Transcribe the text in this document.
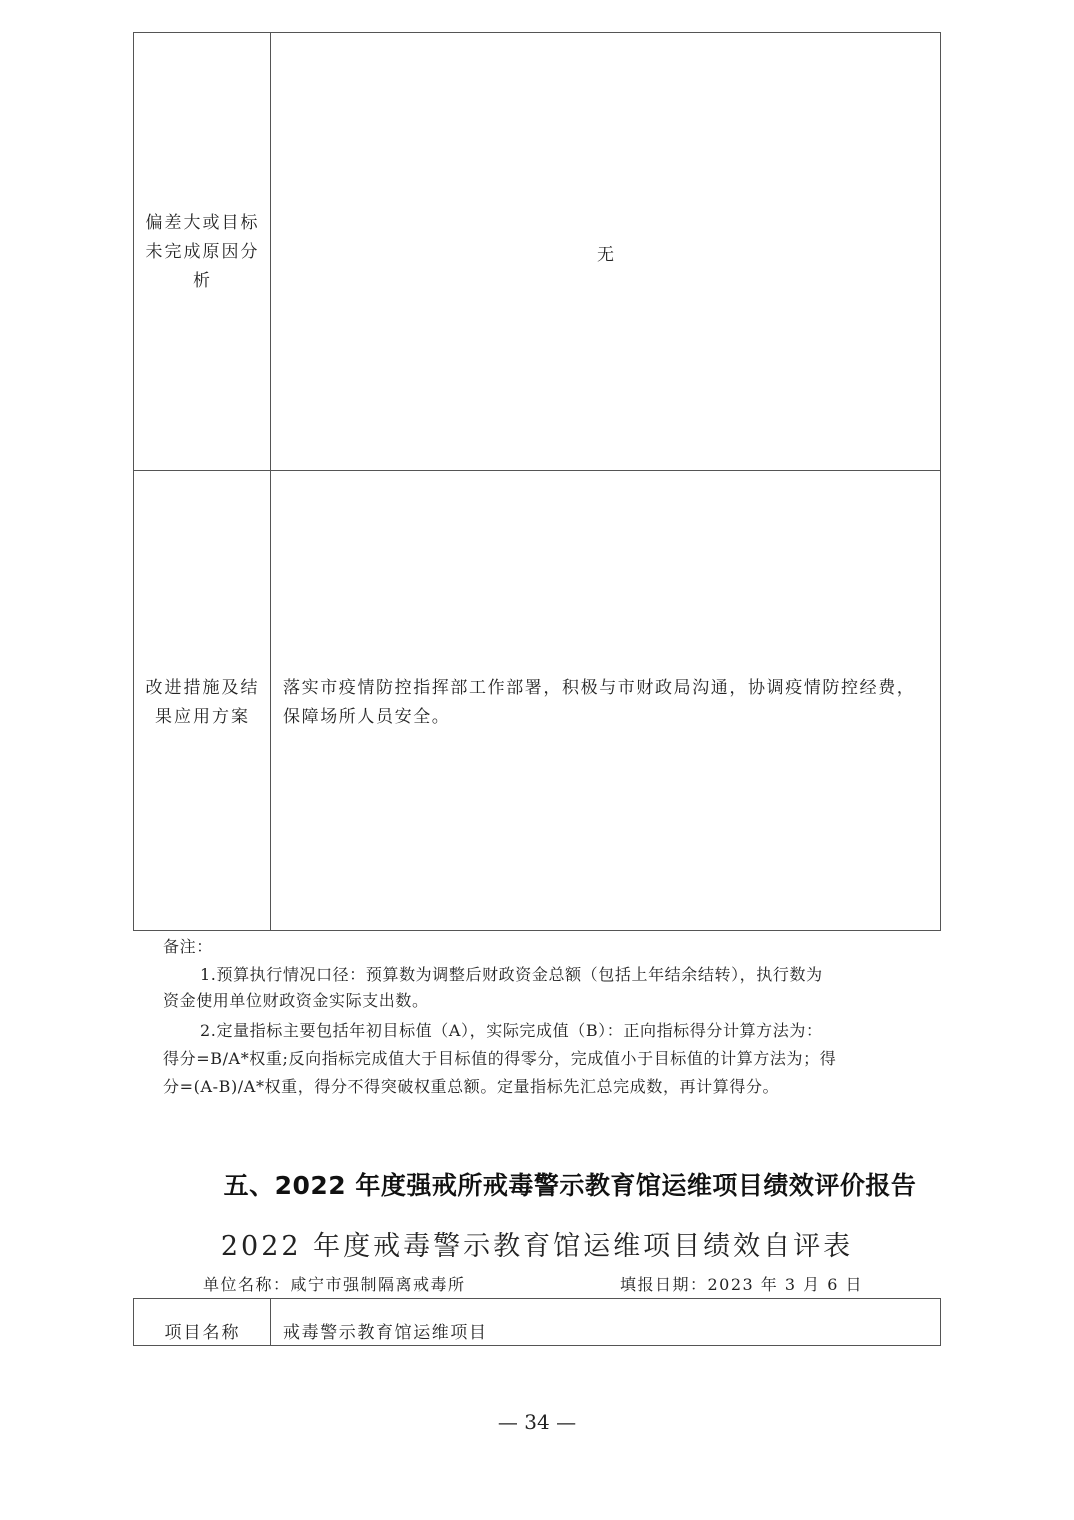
偏差大或目标
未完成原因分
析
无
改进措施及结
果应用方案
落实市疫情防控指挥部工作部署，积极与市财政局沟通，协调疫情防控经费，
保障场所人员安全。
备注：
1.预算执行情况口径：预算数为调整后财政资金总额（包括上年结余结转），执行数为
资金使用单位财政资金实际支出数。
2.定量指标主要包括年初目标值（A），实际完成值（B）：正向指标得分计算方法为：
得分=B/A*权重;反向指标完成值大于目标值的得零分，完成值小于目标值的计算方法为；得
分=(A-B)/A*权重，得分不得突破权重总额。定量指标先汇总完成数，再计算得分。
五、2022 年度强戒所戒毒警示教育馆运维项目绩效评价报告
2022 年度戒毒警示教育馆运维项目绩效自评表
单位名称：咸宁市强制隔离戒毒所	填报日期：2023 年 3 月 6 日
项目名称	戒毒警示教育馆运维项目
— 34 —
